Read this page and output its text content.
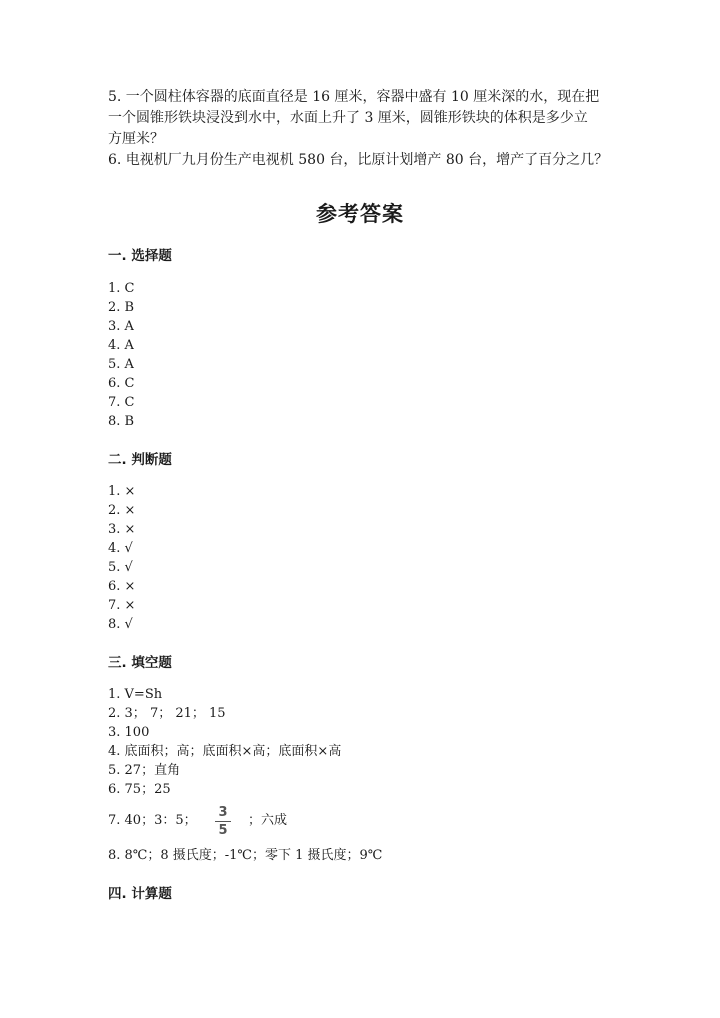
5. 一个圆柱体容器的底面直径是 16 厘米，容器中盛有 10 厘米深的水，现在把
一个圆锥形铁块浸没到水中，水面上升了 3 厘米，圆锥形铁块的体积是多少立
方厘米？
6. 电视机厂九月份生产电视机 580 台，比原计划增产 80 台，增产了百分之几？
参考答案
一. 选择题
1. C
2. B
3. A
4. A
5. A
6. C
7. C
8. B
二. 判断题
1. ×
2. ×
3. ×
4. √
5. √
6. ×
7. ×
8. √
三. 填空题
1. V=Sh
2. 3； 7； 21； 15
3. 100
4. 底面积；高；底面积×高；底面积×高
5. 27；直角
6. 75；25
7. 40；3：5；
3
5
；六成
8. 8℃；8 摄氏度；-1℃；零下 1 摄氏度；9℃
四. 计算题
